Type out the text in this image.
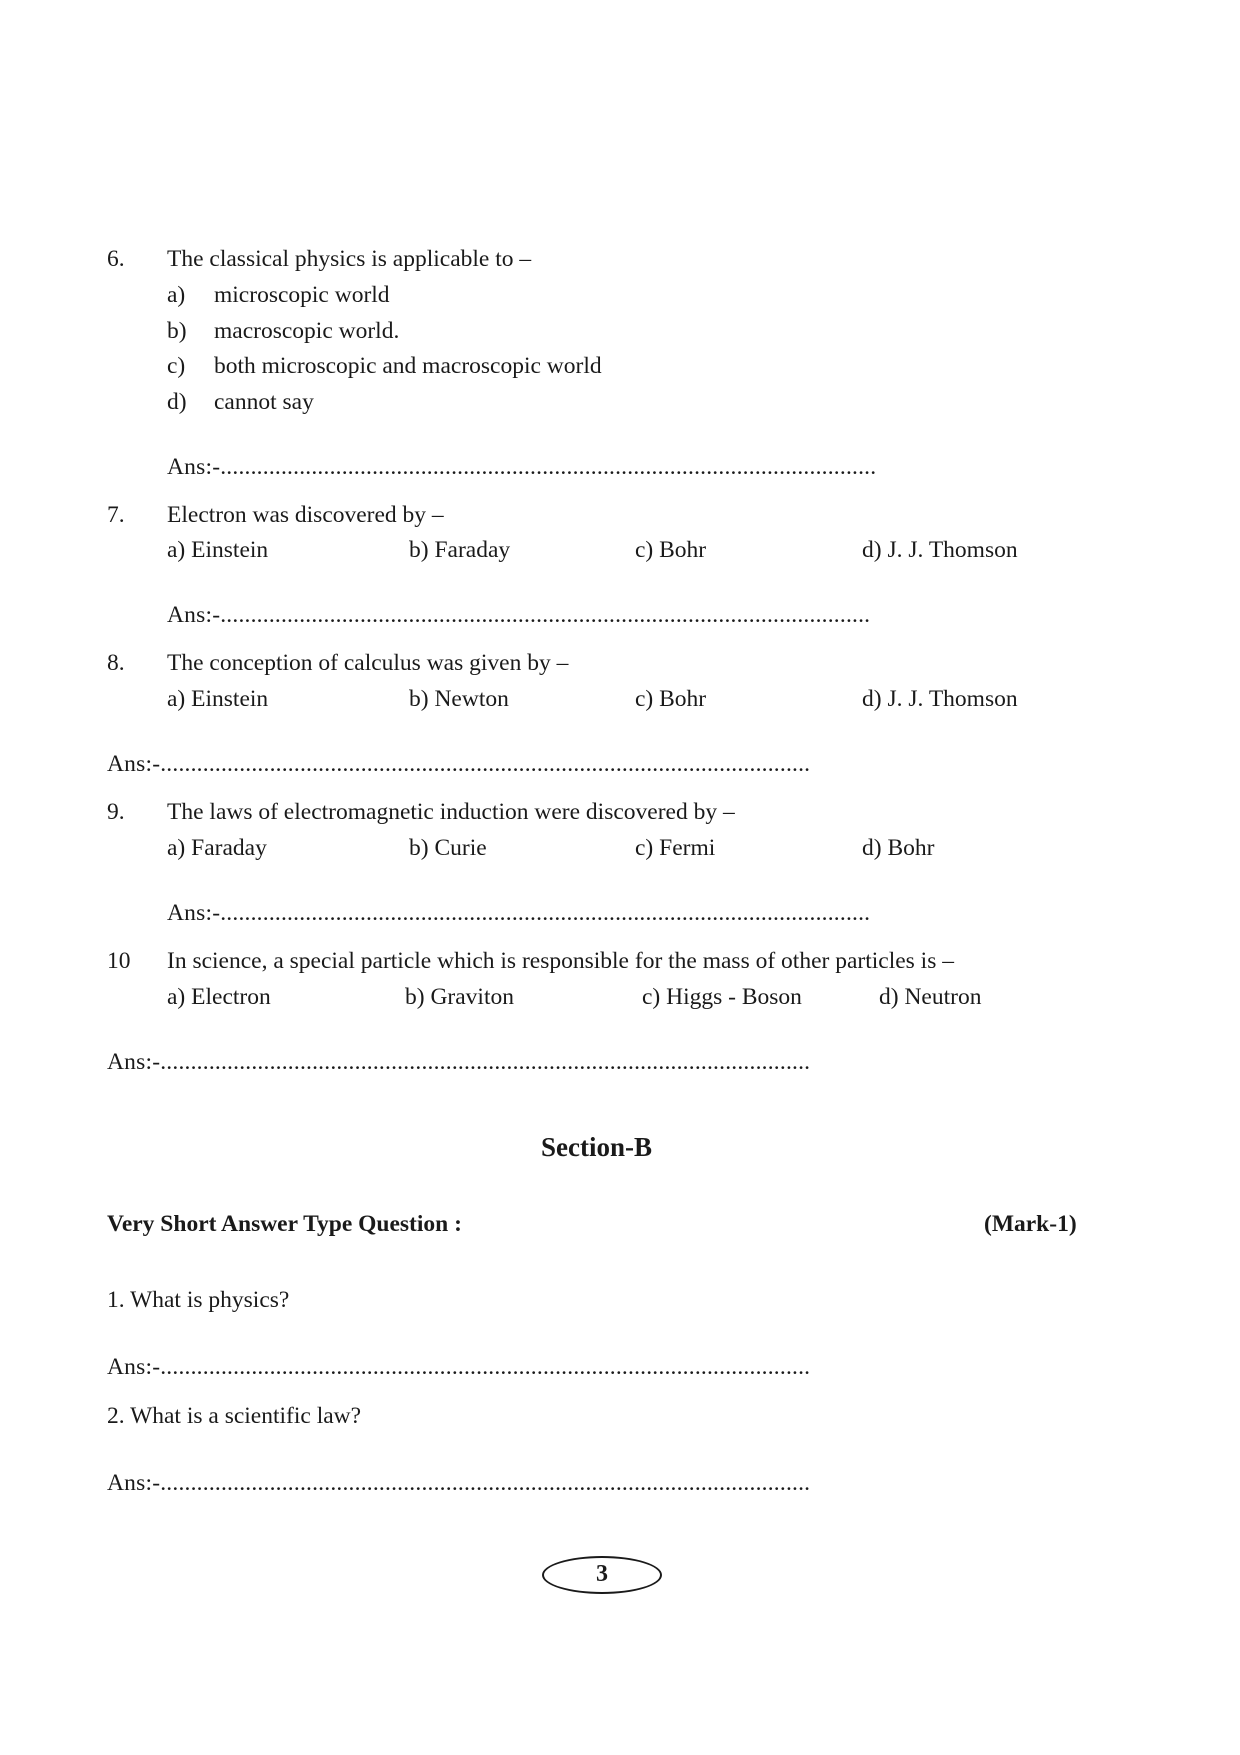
6. The classical physics is applicable to –
a) microscopic world
b) macroscopic world.
c) both microscopic and macroscopic world
d) cannot say
Ans:-............................................................................................................
7. Electron was discovered by –
a) Einstein	b) Faraday	c) Bohr	d) J. J. Thomson
Ans:-...........................................................................................................
8. The conception of calculus was given by –
a) Einstein	b) Newton	c) Bohr	d) J. J. Thomson
Ans:-...........................................................................................................
9. The laws of electromagnetic induction were discovered by –
a) Faraday	b) Curie	c) Fermi	d) Bohr
Ans:-...........................................................................................................
10 In science, a special particle which is responsible for the mass of other particles is –
a) Electron	b) Graviton	c) Higgs - Boson	d) Neutron
Ans:-...........................................................................................................
Section-B
Very Short Answer Type Question :	(Mark-1)
1. What is physics?
Ans:-...........................................................................................................
2. What is a scientific law?
Ans:-...........................................................................................................
3
